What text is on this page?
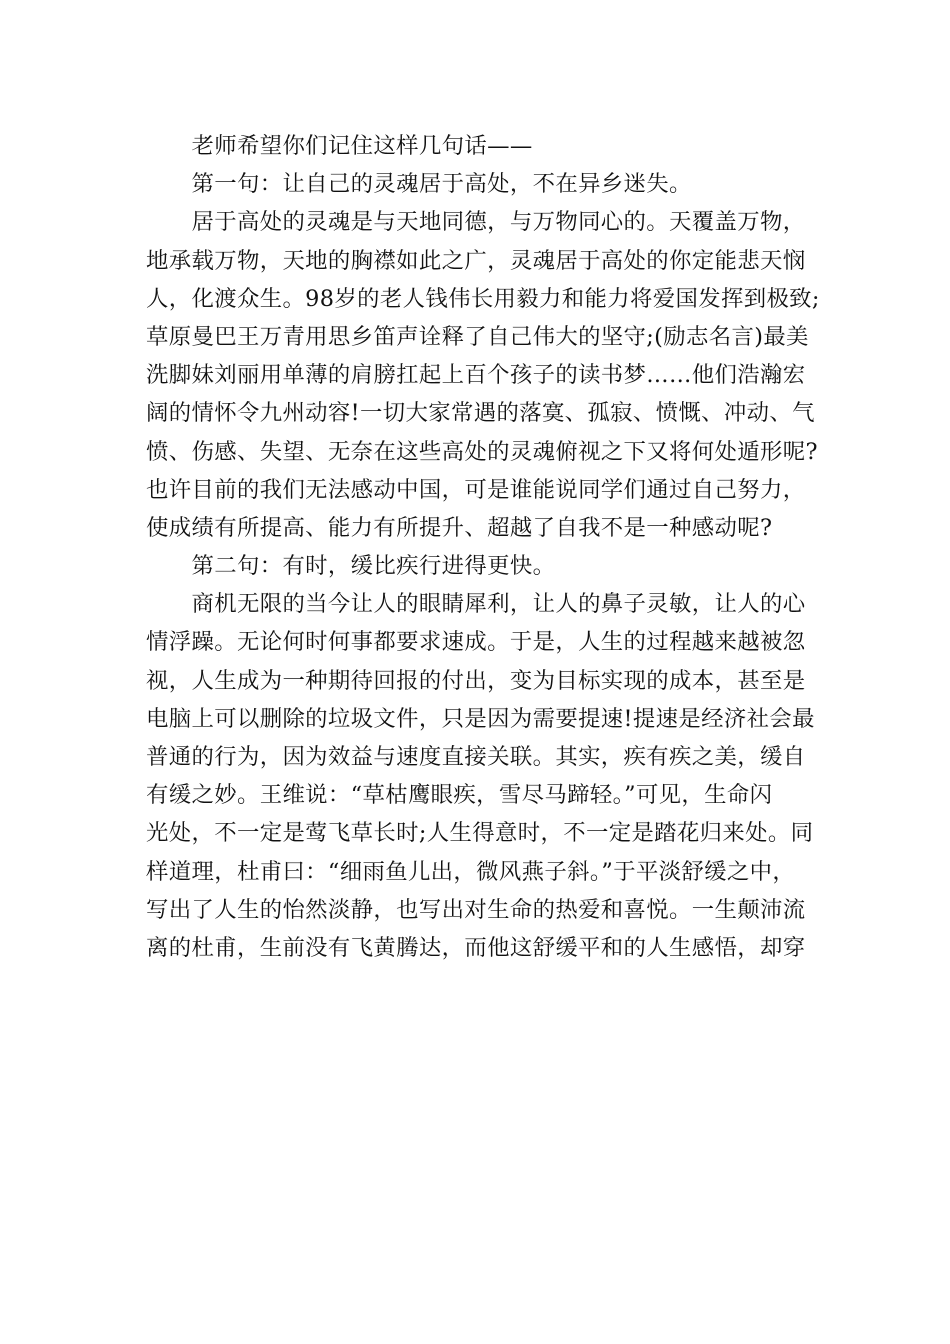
　　老师希望你们记住这样几句话——
　　第一句：让自己的灵魂居于高处，不在异乡迷失。
　　居于高处的灵魂是与天地同德，与万物同心的。天覆盖万物，
地承载万物，天地的胸襟如此之广，灵魂居于高处的你定能悲天悯
人，化渡众生。98岁的老人钱伟长用毅力和能力将爱国发挥到极致;
草原曼巴王万青用思乡笛声诠释了自己伟大的坚守;(励志名言)最美
洗脚妹刘丽用单薄的肩膀扛起上百个孩子的读书梦……他们浩瀚宏
阔的情怀令九州动容!一切大家常遇的落寞、孤寂、愤慨、冲动、气
愤、伤感、失望、无奈在这些高处的灵魂俯视之下又将何处遁形呢?
也许目前的我们无法感动中国，可是谁能说同学们通过自己努力，
使成绩有所提高、能力有所提升、超越了自我不是一种感动呢?
　　第二句：有时，缓比疾行进得更快。
　　商机无限的当今让人的眼睛犀利，让人的鼻子灵敏，让人的心
情浮躁。无论何时何事都要求速成。于是，人生的过程越来越被忽
视，人生成为一种期待回报的付出，变为目标实现的成本，甚至是
电脑上可以删除的垃圾文件，只是因为需要提速!提速是经济社会最
普通的行为，因为效益与速度直接关联。其实，疾有疾之美，缓自
有缓之妙。王维说：“草枯鹰眼疾，雪尽马蹄轻。”可见，生命闪
光处，不一定是莺飞草长时;人生得意时，不一定是踏花归来处。同
样道理，杜甫曰：“细雨鱼儿出，微风燕子斜。”于平淡舒缓之中，
写出了人生的怡然淡静，也写出对生命的热爱和喜悦。一生颠沛流
离的杜甫，生前没有飞黄腾达，而他这舒缓平和的人生感悟，却穿
